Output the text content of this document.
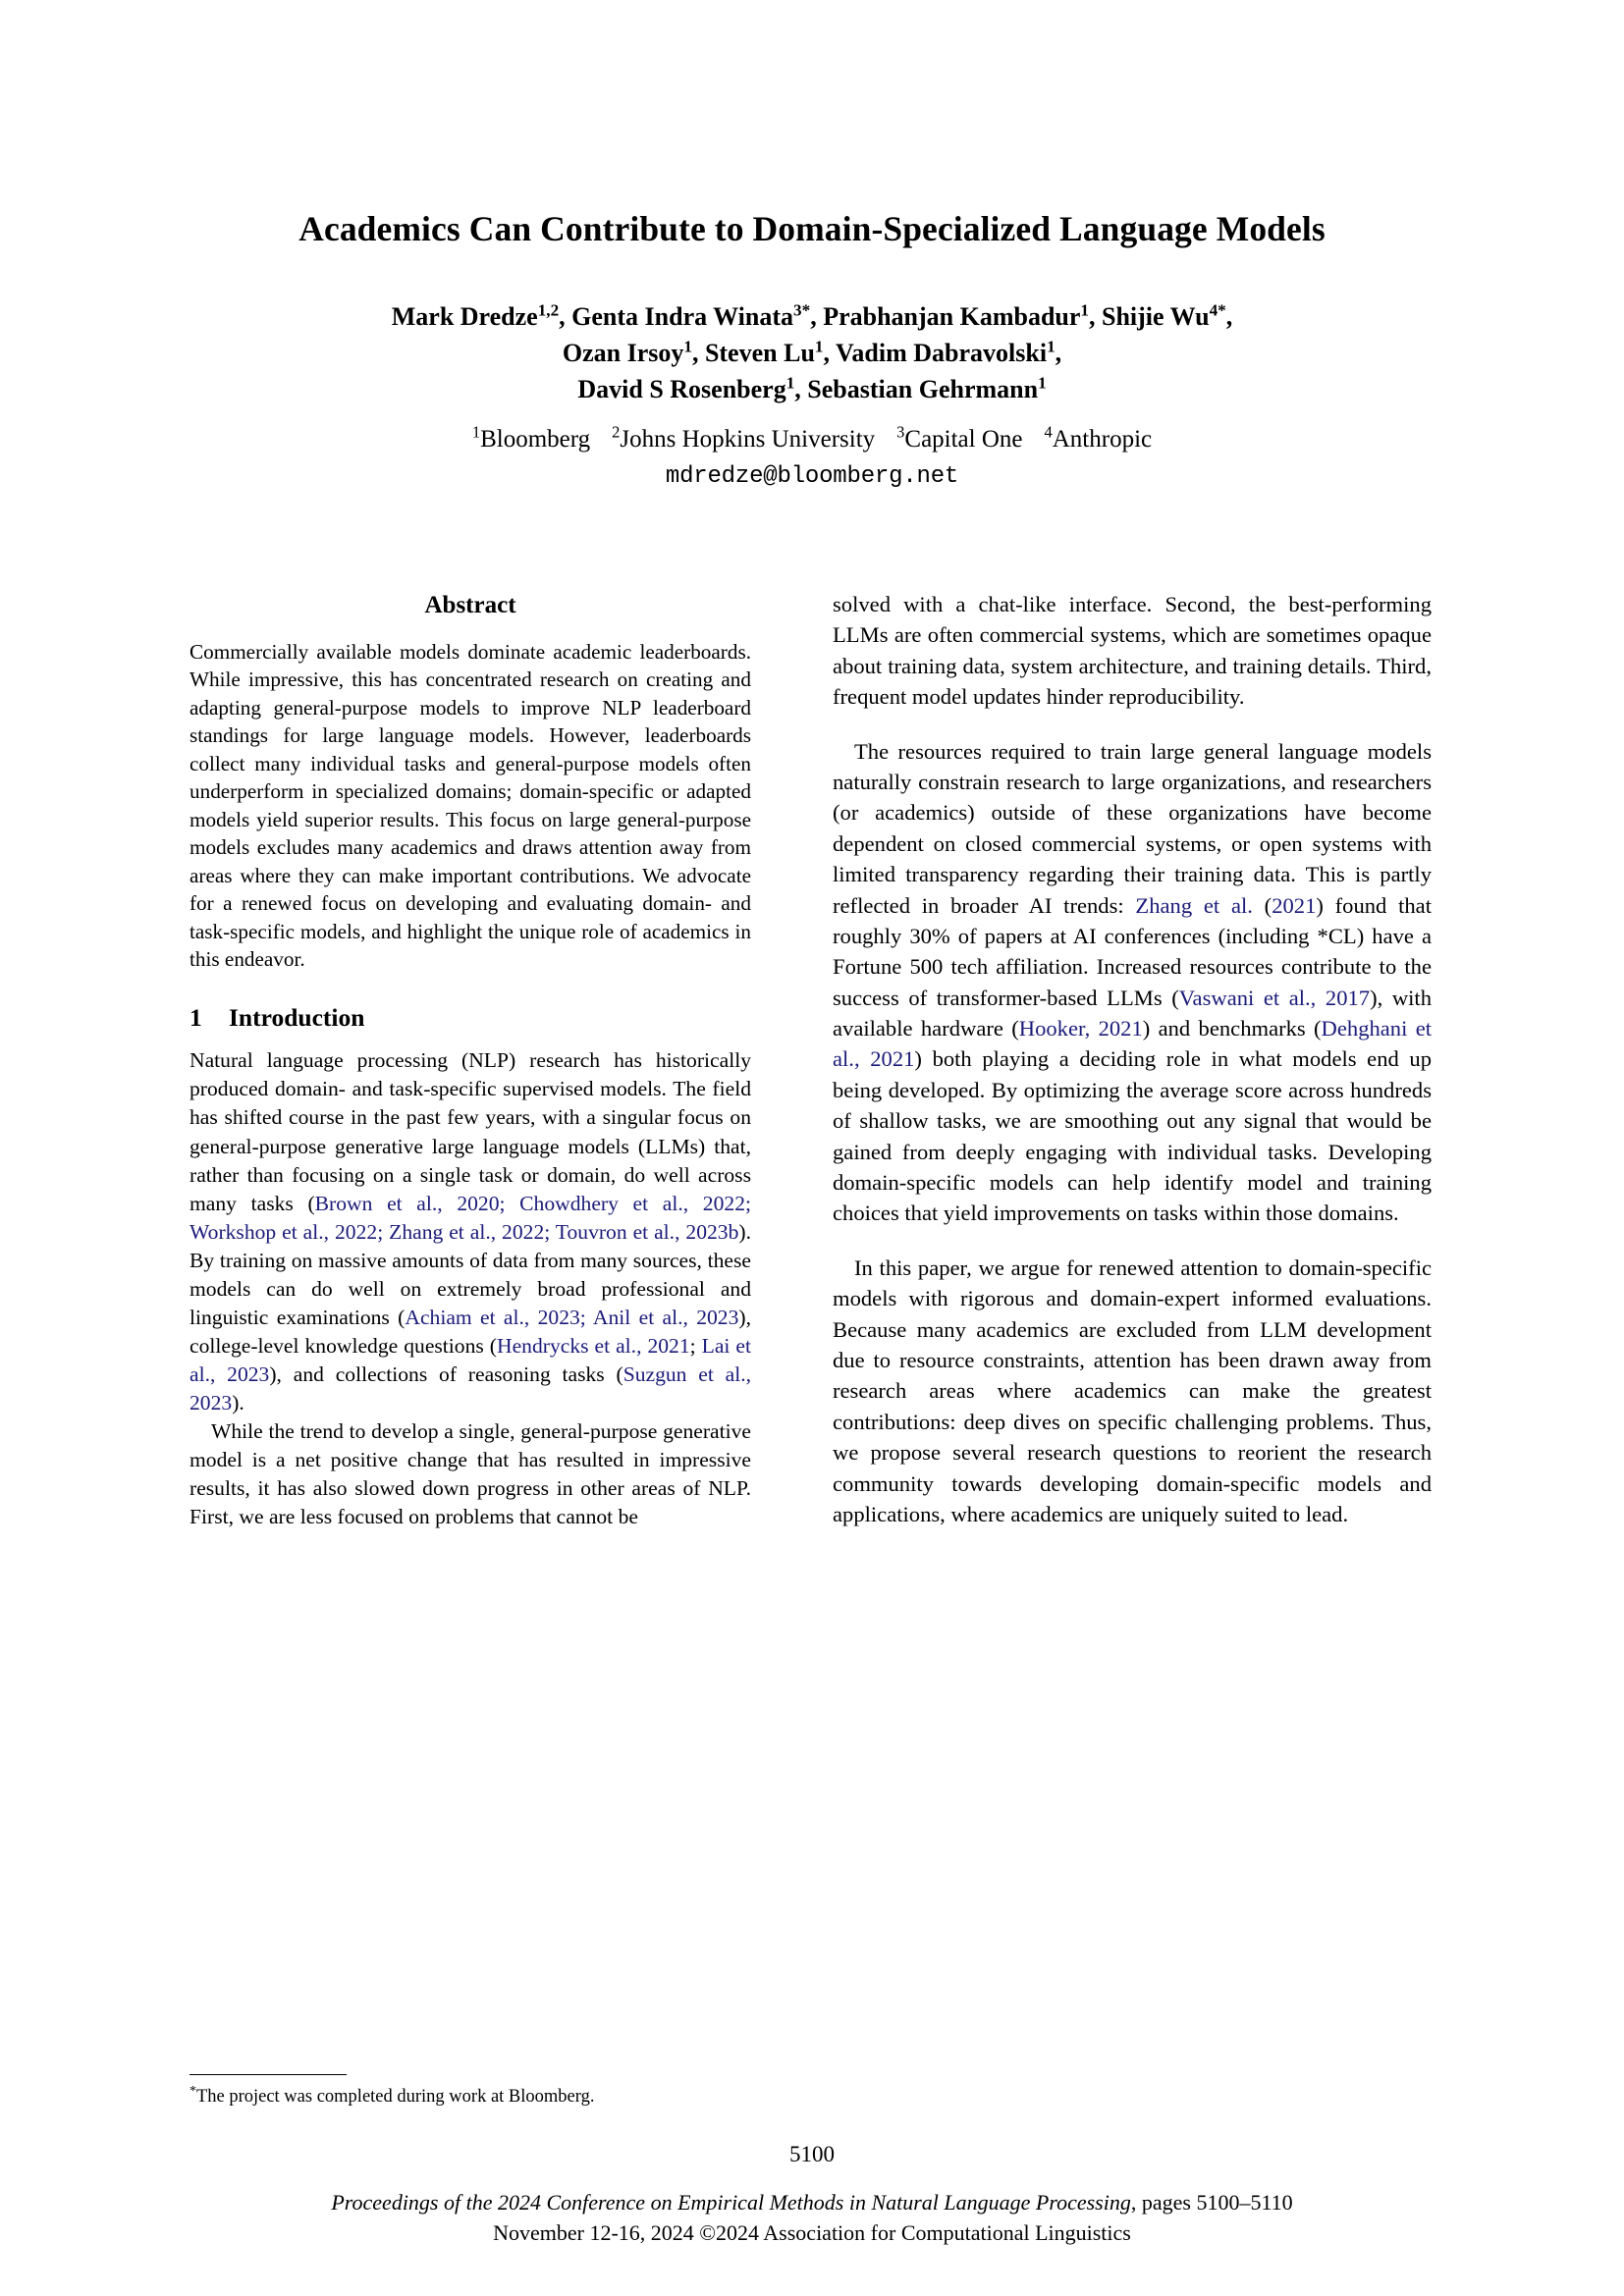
Academics Can Contribute to Domain-Specialized Language Models
Mark Dredze$^{1,2}$, Genta Indra Winata$^{3*}$, Prabhanjan Kambadur$^1$, Shijie $Wu^{4*}$,
Ozan Irsoy$^1$, Steven Lu$^1$, Vadim Dabravolski$^1$,
David S Rosenberg$^1$, Sebastian Gehrmann$^1$
$^1$Bloomberg $^2$Johns Hopkins University $^3$Capital One $^4$Anthropic
mdredze@bloomberg.net
Abstract

Commercially available models dominate academic leaderboards. While impressive, this has concentrated research on creating and adapting general-purpose models to improve NLP leaderboard standings for large language models. However, leaderboards collect many individual tasks and general-purpose models often underperform in specialized domains; domain-specific or adapted models yield superior results. This focus on large general-purpose models excludes many academics and draws attention away from areas where they can make important contributions. We advocate for a renewed focus on developing and evaluating domain- and task-specific models, and highlight the unique role of academics in this endeavor.

1 Introduction

Natural language processing (NLP) research has historically produced domain- and task-specific supervised models. The field has shifted course in the past few years, with a singular focus on general-purpose generative large language models (LLMs) that, rather than focusing on a single task or domain, do well across many tasks (Brown et al., 2020; Chowdhery et al., 2022; Workshop et al., 2022; Zhang et al., 2022; Touvron et al., 2023b). By training on massive amounts of data from many sources, these models can do well on extremely broad professional and linguistic examinations (Achiam et al., 2023; Anil et al., 2023), college-level knowledge questions (Hendrycks et al., 2021; Lai et al., 2023), and collections of reasoning tasks (Suzgun et al., 2023).

While the trend to develop a single, general-purpose generative model is a net positive change that has resulted in impressive results, it has also slowed down progress in other areas of NLP. First, we are less focused on problems that cannot be

solved with a chat-like interface. Second, the best-performing LLMs are often commercial systems, which are sometimes opaque about training data, system architecture, and training details. Third, frequent model updates hinder reproducibility.

The resources required to train large general language models naturally constrain research to large organizations, and researchers (or academics) outside of these organizations have become dependent on closed commercial systems, or open systems with limited transparency regarding their training data. This is partly reflected in broader AI trends: Zhang et al. (2021) found that roughly 30% of papers at AI conferences (including *CL) have a Fortune 500 tech affiliation. Increased resources contribute to the success of transformer-based LLMs (Vaswani et al., 2017), with available hardware (Hooker, 2021) and benchmarks (Dehghani et al., 2021) both playing a deciding role in what models end up being developed. By optimizing the average score across hundreds of shallow tasks, we are smoothing out any signal that would be gained from deeply engaging with individual tasks. Developing domain-specific models can help identify model and training choices that yield improvements on tasks within those domains.

In this paper, we argue for renewed attention to domain-specific models with rigorous and domain-expert informed evaluations. Because many academics are excluded from LLM development due to resource constraints, attention has been drawn away from research areas where academics can make the greatest contributions: deep dives on specific challenging problems. Thus, we propose several research questions to reorient the research community towards developing domain-specific models and applications, where academics are uniquely suited to lead.

*The project was completed during work at Bloomberg.
5100
Proceedings of the 2024 Conference on Empirical Methods in Natural Language Processing, pages 5100–5110
November 12-16, 2024 ©2024 Association for Computational Linguistics
